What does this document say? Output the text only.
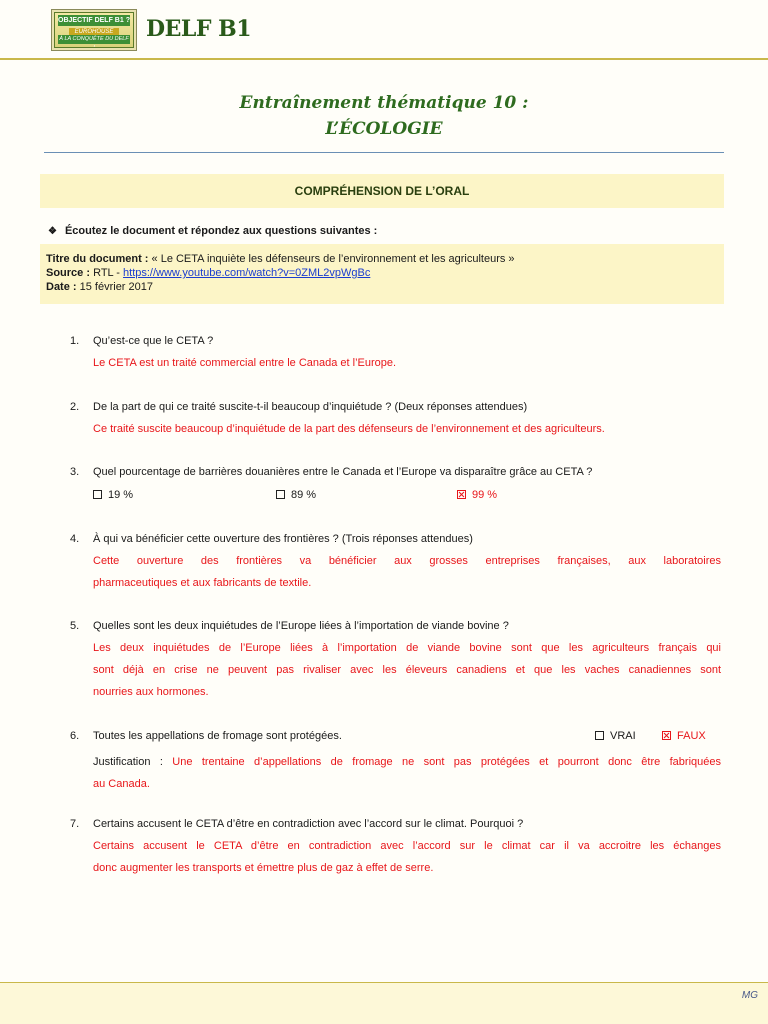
OBJECTIF DELF B1 ?
EUROHOUSE
À LA CONQUÊTE DU DELF !
DELF B1
Entraînement thématique 10 :
L’ÉCOLOGIE
COMPRÉHENSION DE L’ORAL
❖ Écoutez le document et répondez aux questions suivantes :
Titre du document : « Le CETA inquiète les défenseurs de l’environnement et les agriculteurs »
Source : RTL - https://www.youtube.com/watch?v=0ZML2vpWgBc
Date : 15 février 2017
1. Qu’est-ce que le CETA ?
Le CETA est un traité commercial entre le Canada et l’Europe.
2. De la part de qui ce traité suscite-t-il beaucoup d’inquiétude ? (Deux réponses attendues)
Ce traité suscite beaucoup d’inquiétude de la part des défenseurs de l’environnement et des agriculteurs.
3. Quel pourcentage de barrières douanières entre le Canada et l’Europe va disparaître grâce au CETA ?
19 %	89 %	99 %
4. À qui va bénéficier cette ouverture des frontières ? (Trois réponses attendues)
Cette ouverture des frontières va bénéficier aux grosses entreprises françaises, aux laboratoires
pharmaceutiques et aux fabricants de textile.
5. Quelles sont les deux inquiétudes de l’Europe liées à l’importation de viande bovine ?
Les deux inquiétudes de l’Europe liées à l’importation de viande bovine sont que les agriculteurs français qui
sont déjà en crise ne peuvent pas rivaliser avec les éleveurs canadiens et que les vaches canadiennes sont
nourries aux hormones.
6. Toutes les appellations de fromage sont protégées.	VRAI	FAUX
Justification : Une trentaine d’appellations de fromage ne sont pas protégées et pourront donc être fabriquées
au Canada.
7. Certains accusent le CETA d’être en contradiction avec l’accord sur le climat. Pourquoi ?
Certains accusent le CETA d’être en contradiction avec l’accord sur le climat car il va accroitre les échanges
donc augmenter les transports et émettre plus de gaz à effet de serre.
MG
